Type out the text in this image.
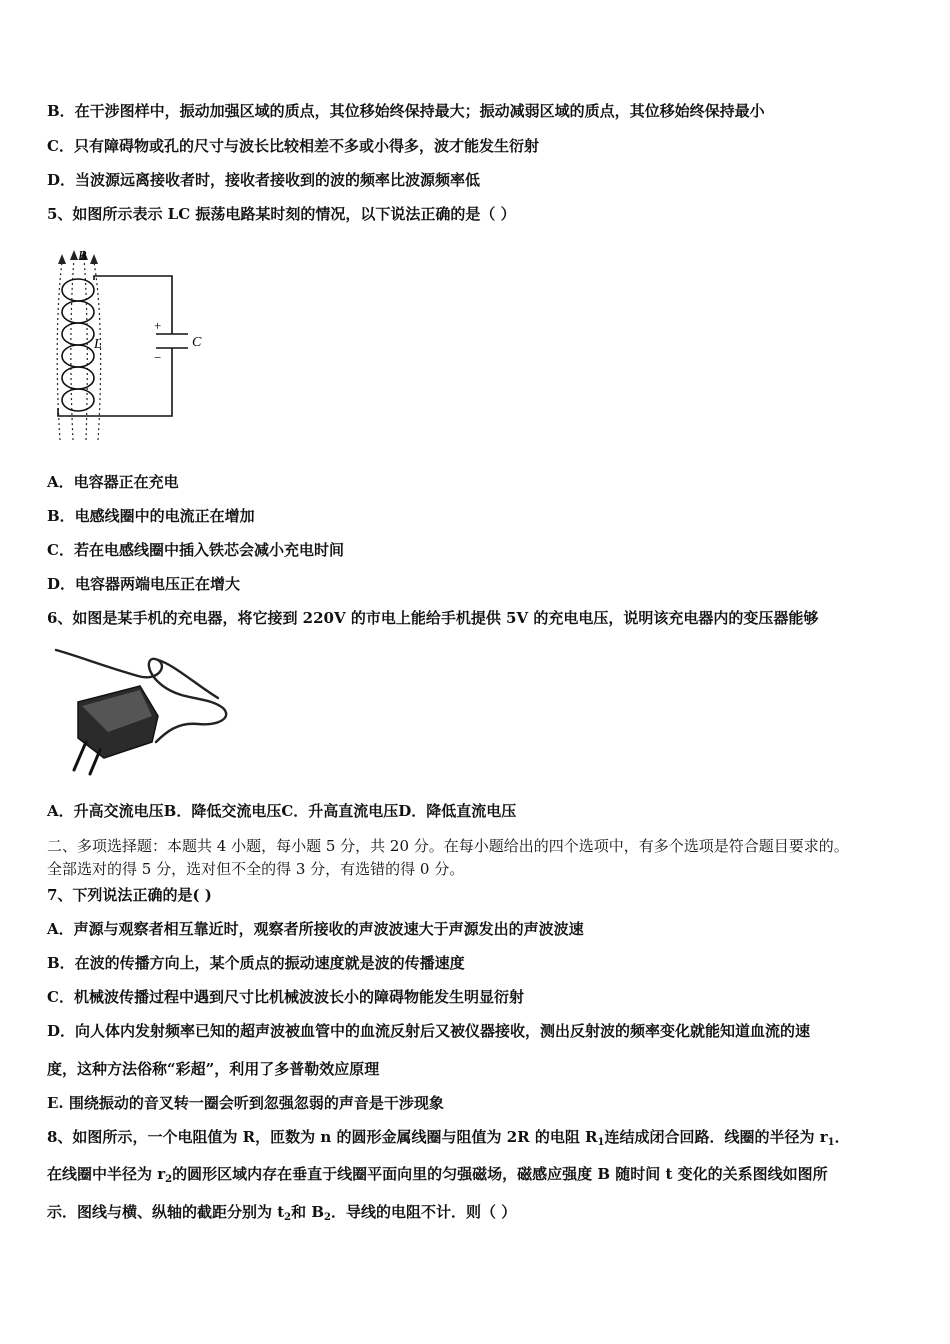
B．在干涉图样中，振动加强区域的质点，其位移始终保持最大；振动减弱区域的质点，其位移始终保持最小
C．只有障碍物或孔的尺寸与波长比较相差不多或小得多，波才能发生衍射
D．当波源远离接收者时，接收者接收到的波的频率比波源频率低
5、如图所示表示 LC 振荡电路某时刻的情况，以下说法正确的是（ ）
B
L	C
+
−
A．电容器正在充电
B．电感线圈中的电流正在增加
C．若在电感线圈中插入铁芯会减小充电时间
D．电容器两端电压正在增大
6、如图是某手机的充电器，将它接到 220V 的市电上能给手机提供 5V 的充电电压，说明该充电器内的变压器能够
A．升高交流电压B．降低交流电压C．升高直流电压D．降低直流电压
二、多项选择题：本题共 4 小题，每小题 5 分，共 20 分。在每小题给出的四个选项中，有多个选项是符合题目要求的。
全部选对的得 5 分，选对但不全的得 3 分，有选错的得 0 分。
7、下列说法正确的是( )
A．声源与观察者相互靠近时，观察者所接收的声波波速大于声源发出的声波波速
B．在波的传播方向上，某个质点的振动速度就是波的传播速度
C．机械波传播过程中遇到尺寸比机械波波长小的障碍物能发生明显衍射
D．向人体内发射频率已知的超声波被血管中的血流反射后又被仪器接收，测出反射波的频率变化就能知道血流的速
度，这种方法俗称“彩超”，利用了多普勒效应原理
E. 围绕振动的音叉转一圈会听到忽强忽弱的声音是干涉现象
8、如图所示，一个电阻值为 R，匝数为 n 的圆形金属线圈与阻值为 2R 的电阻 $R_1$连结成闭合回路．线圈的半径为 $r_1$．
在线圈中半径为 $r_2$的圆形区域内存在垂直于线圈平面向里的匀强磁场，磁感应强度 B 随时间 t 变化的关系图线如图所
示．图线与横、纵轴的截距分别为 $t_2$和 $B_2$．导线的电阻不计．则（ ）
